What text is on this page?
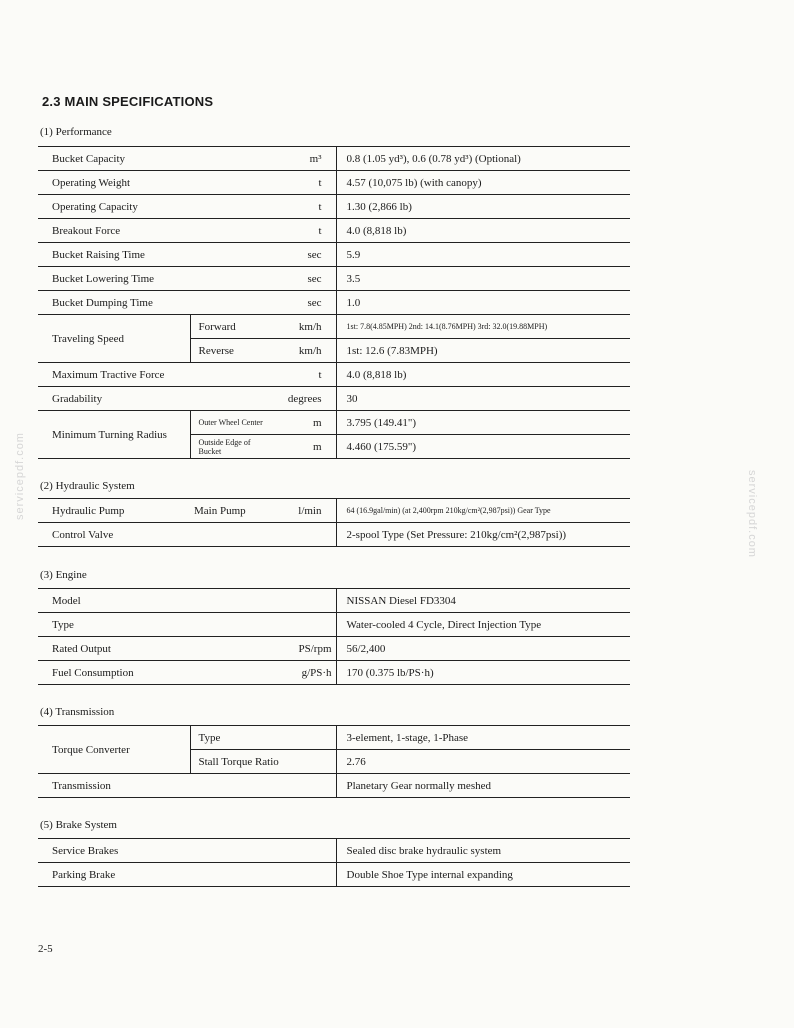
2.3 MAIN SPECIFICATIONS
servicepdf.com	servicepdf.com
(1) Performance
Bucket Capacity		m³	0.8 (1.05 yd³), 0.6 (0.78 yd³) (Optional)
Operating Weight		t	4.57 (10,075 lb) (with canopy)
Operating Capacity		t	1.30 (2,866 lb)
Breakout Force		t	4.0 (8,818 lb)
Bucket Raising Time		sec	5.9
Bucket Lowering Time		sec	3.5
Bucket Dumping Time		sec	1.0
Traveling Speed	Forward	km/h	1st: 7.8(4.85MPH) 2nd: 14.1(8.76MPH) 3rd: 32.0(19.88MPH)
	Reverse	km/h	1st: 12.6 (7.83MPH)
Maximum Tractive Force		t	4.0 (8,818 lb)
Gradability		degrees	30
Minimum Turning Radius	Outer Wheel Center	m	3.795 (149.41")
	Outside Edge of Bucket	m	4.460 (175.59")
(2) Hydraulic System
Hydraulic Pump	Main Pump	l/min	64 (16.9gal/min) (at 2,400rpm 210kg/cm²(2,987psi)) Gear Type
Control Valve			2-spool Type (Set Pressure: 210kg/cm²(2,987psi))
(3) Engine
Model		NISSAN Diesel FD3304
Type		Water-cooled 4 Cycle, Direct Injection Type
Rated Output	PS/rpm	56/2,400
Fuel Consumption	g/PS·h	170 (0.375 lb/PS·h)
(4) Transmission
Torque Converter	Type	3-element, 1-stage, 1-Phase
	Stall Torque Ratio	2.76
Transmission		Planetary Gear normally meshed
(5) Brake System
Service Brakes	Sealed disc brake hydraulic system
Parking Brake	Double Shoe Type internal expanding
2-5
